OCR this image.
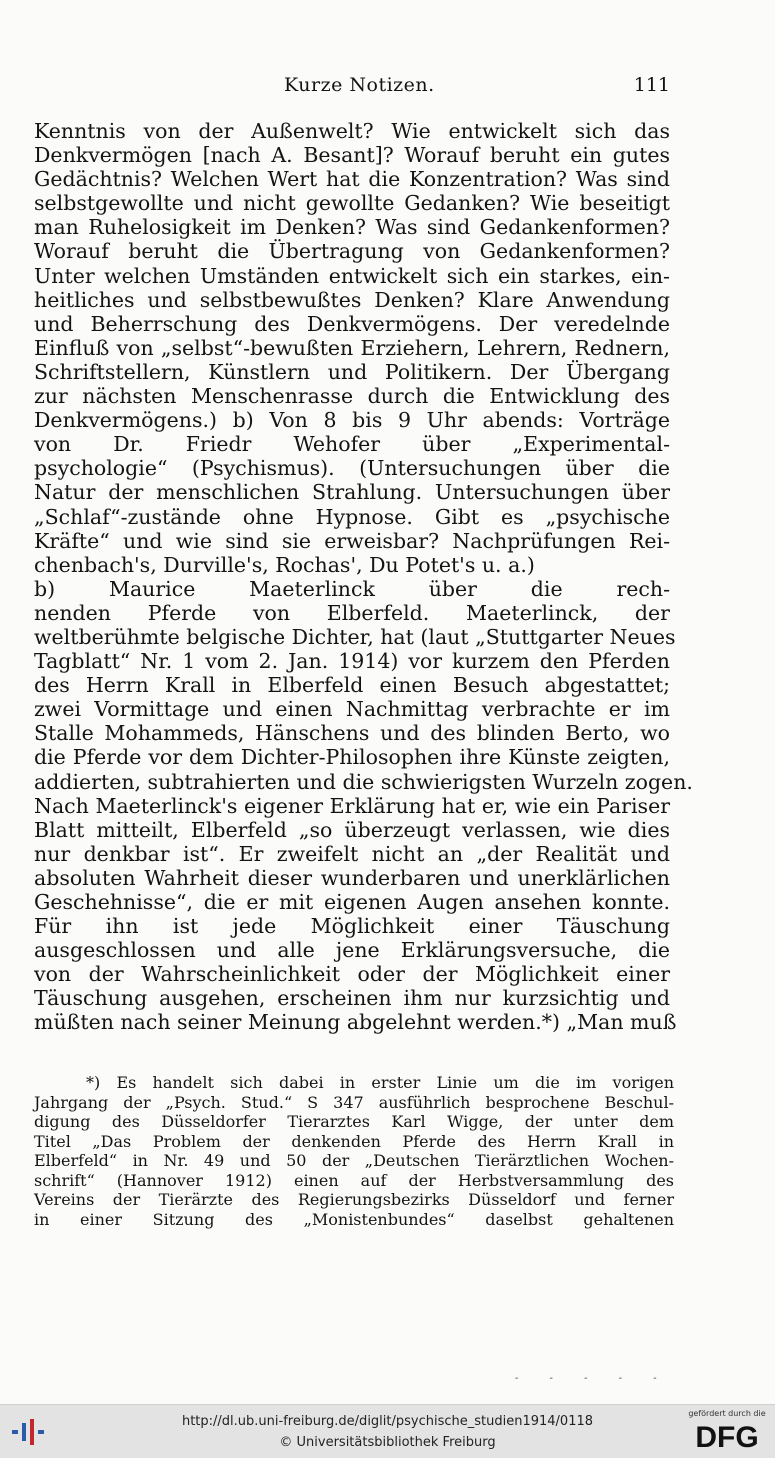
Kurze Notizen.	111
Kenntnis von der Außenwelt? Wie entwickelt sich das
Denkvermögen [nach A. Besant]? Worauf beruht ein gutes
Gedächtnis? Welchen Wert hat die Konzentration? Was sind
selbstgewollte und nicht gewollte Gedanken? Wie beseitigt
man Ruhelosigkeit im Denken? Was sind Gedankenformen?
Worauf beruht die Übertragung von Gedankenformen?
Unter welchen Umständen entwickelt sich ein starkes, ein-
heitliches und selbstbewußtes Denken? Klare Anwendung
und Beherrschung des Denkvermögens. Der veredelnde
Einfluß von „selbst“-bewußten Erziehern, Lehrern, Rednern,
Schriftstellern, Künstlern und Politikern. Der Übergang
zur nächsten Menschenrasse durch die Entwicklung des
Denkvermögens.) b) Von 8 bis 9 Uhr abends: Vorträge
von Dr. Friedr Wehofer über „Experimental-
psychologie“ (Psychismus). (Untersuchungen über die
Natur der menschlichen Strahlung. Untersuchungen über
„Schlaf“-zustände ohne Hypnose. Gibt es „psychische
Kräfte“ und wie sind sie erweisbar? Nachprüfungen Rei-
chenbach's, Durville's, Rochas', Du Potet's u. a.)
b) Maurice Maeterlinck über die rech-
nenden Pferde von Elberfeld. Maeterlinck, der
weltberühmte belgische Dichter, hat (laut „Stuttgarter Neues
Tagblatt“ Nr. 1 vom 2. Jan. 1914) vor kurzem den Pferden
des Herrn Krall in Elberfeld einen Besuch abgestattet;
zwei Vormittage und einen Nachmittag verbrachte er im
Stalle Mohammeds, Hänschens und des blinden Berto, wo
die Pferde vor dem Dichter-Philosophen ihre Künste zeigten,
addierten, subtrahierten und die schwierigsten Wurzeln zogen.
Nach Maeterlinck's eigener Erklärung hat er, wie ein Pariser
Blatt mitteilt, Elberfeld „so überzeugt verlassen, wie dies
nur denkbar ist“. Er zweifelt nicht an „der Realität und
absoluten Wahrheit dieser wunderbaren und unerklärlichen
Geschehnisse“, die er mit eigenen Augen ansehen konnte.
Für ihn ist jede Möglichkeit einer Täuschung
ausgeschlossen und alle jene Erklärungsversuche, die
von der Wahrscheinlichkeit oder der Möglichkeit einer
Täuschung ausgehen, erscheinen ihm nur kurzsichtig und
müßten nach seiner Meinung abgelehnt werden.*) „Man muß
*) Es handelt sich dabei in erster Linie um die im vorigen
Jahrgang der „Psych. Stud.“ S 347 ausführlich besprochene Beschul-
digung des Düsseldorfer Tierarztes Karl Wigge, der unter dem
Titel „Das Problem der denkenden Pferde des Herrn Krall in
Elberfeld“ in Nr. 49 und 50 der „Deutschen Tierärztlichen Wochen-
schrift“ (Hannover 1912) einen auf der Herbstversammlung des
Vereins der Tierärzte des Regierungsbezirks Düsseldorf und ferner
in einer Sitzung des „Monistenbundes“ daselbst gehaltenen
- - - - -
http://dl.ub.uni-freiburg.de/diglit/psychische_studien1914/0118
© Universitätsbibliothek Freiburg
gefördert durch die
DFG
